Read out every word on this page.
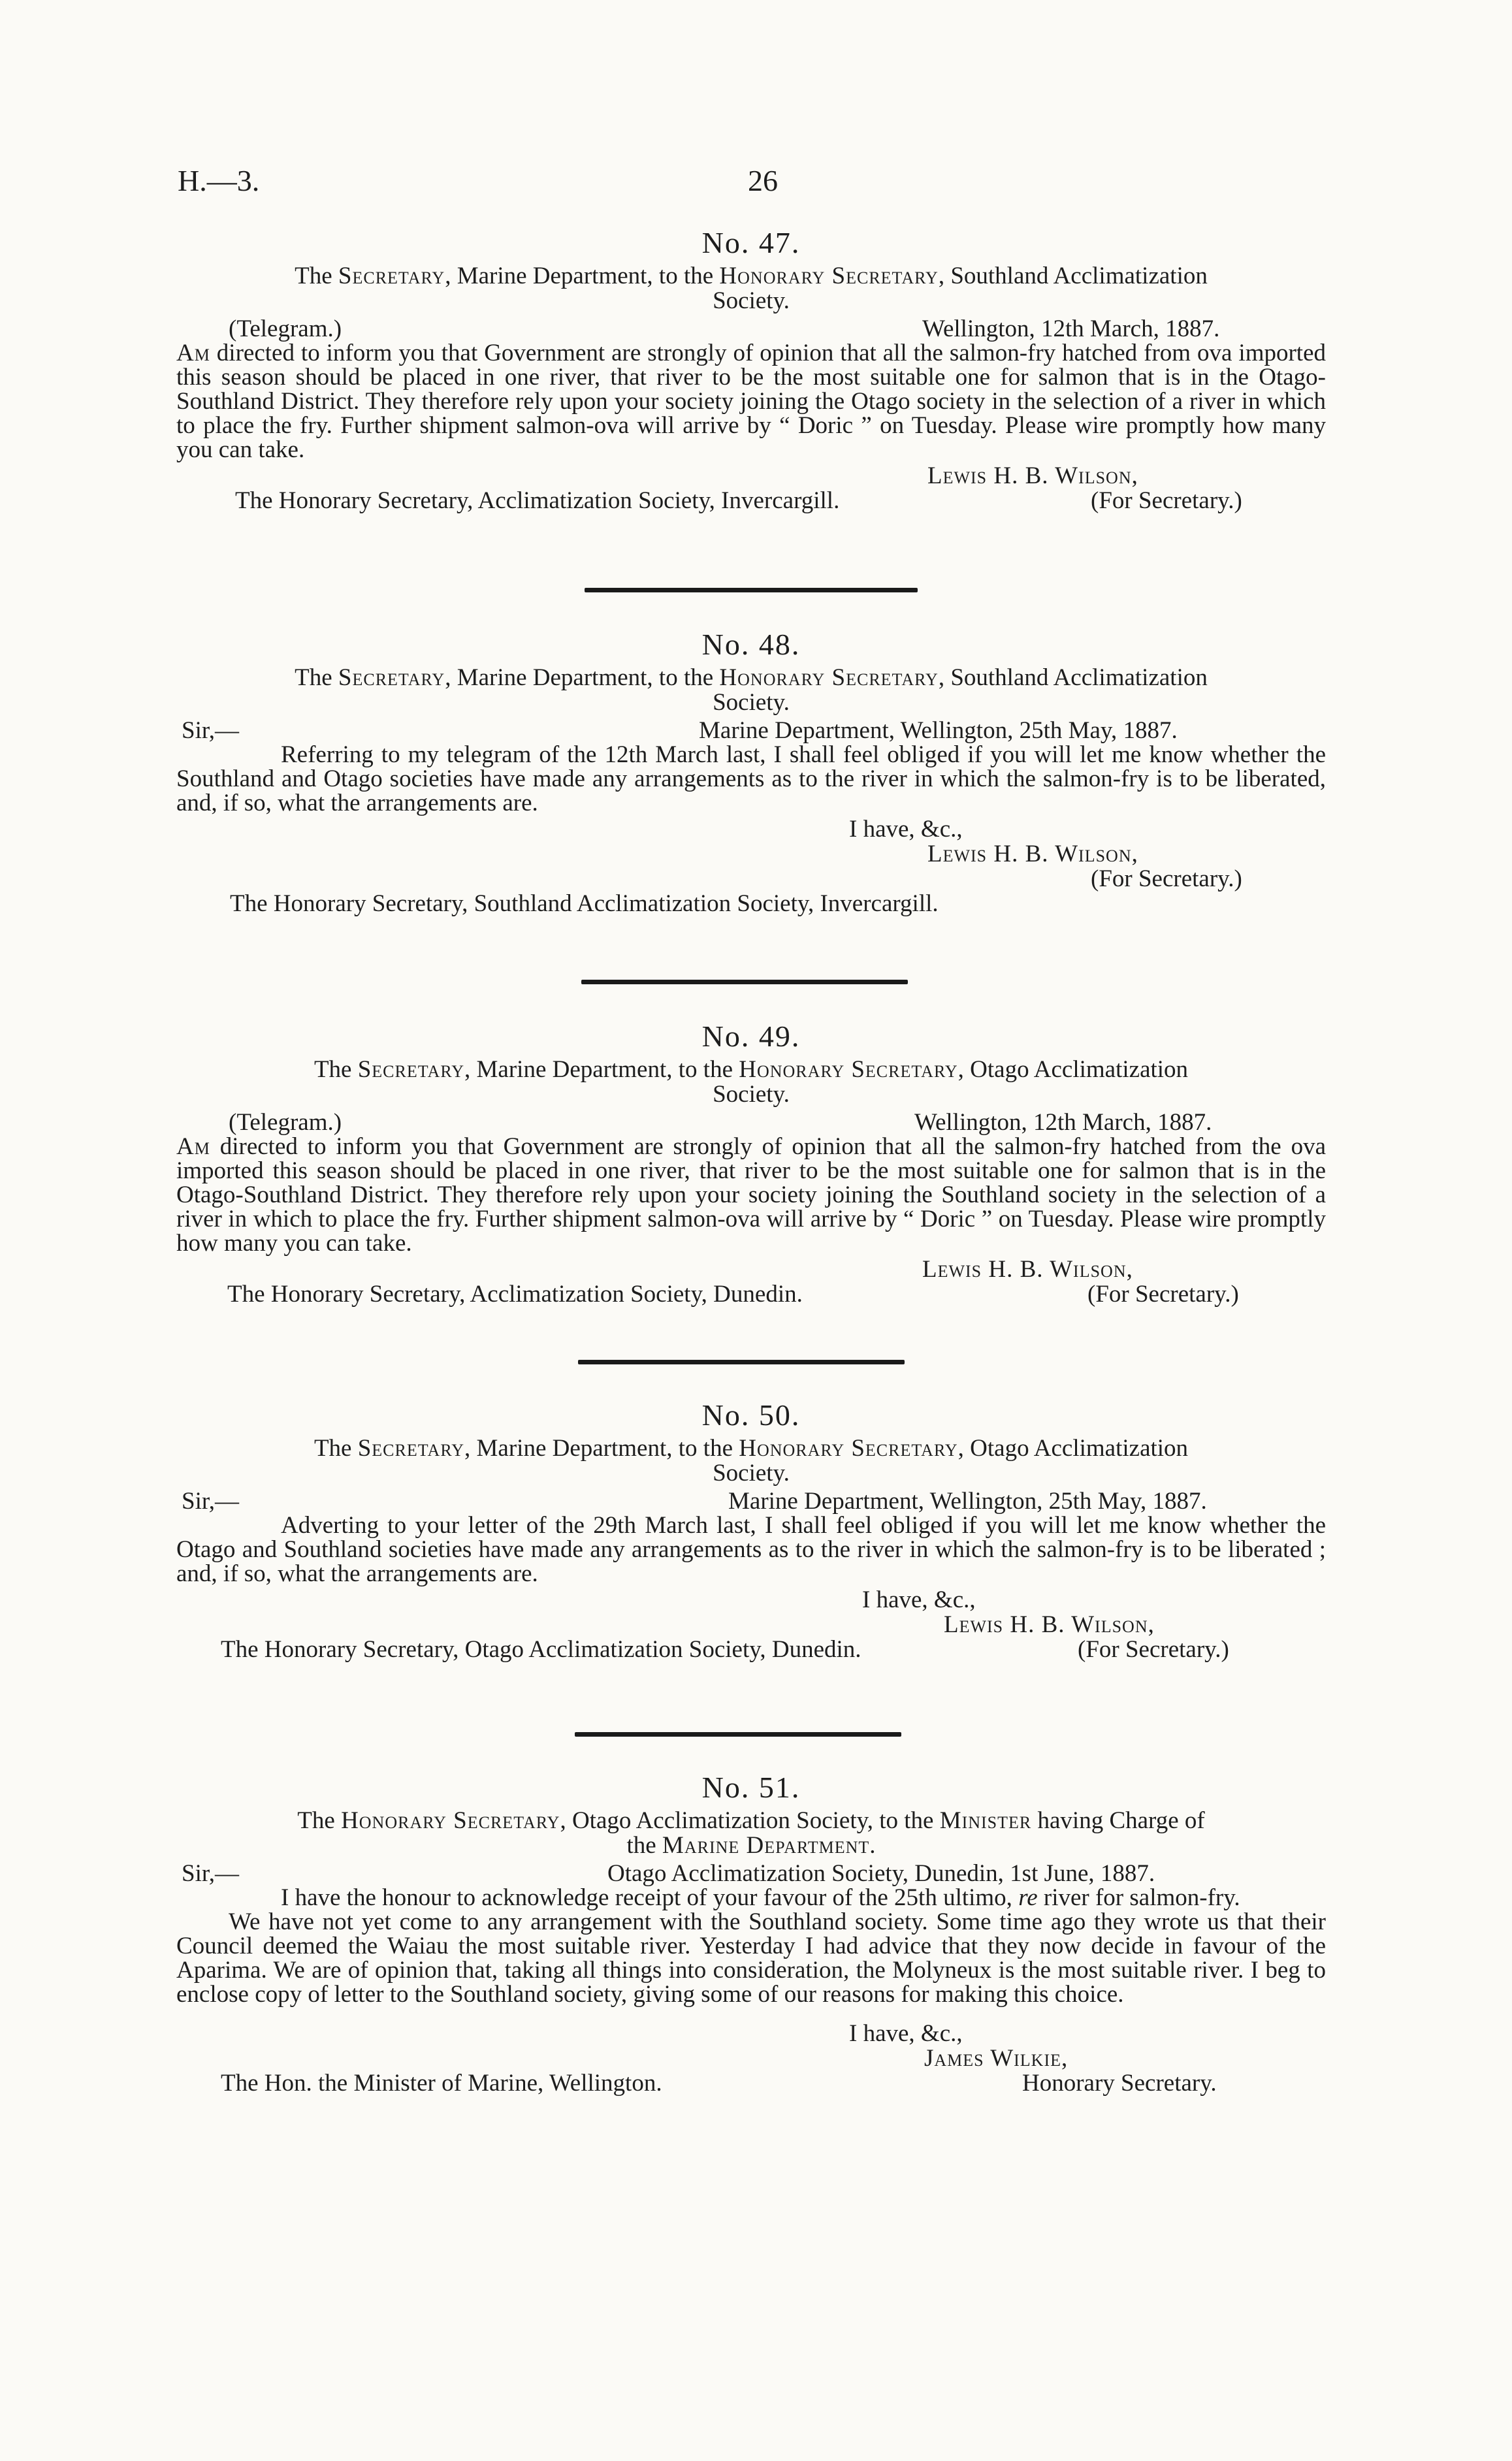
H.—3.	26
No. 47.
The Secretary, Marine Department, to the Honorary Secretary, Southland Acclimatization
Society.
(Telegram.)	Wellington, 12th March, 1887.

Am directed to inform you that Government are strongly of opinion that all the salmon-fry hatched from ova imported this season should be placed in one river, that river to be the most suitable one for salmon that is in the Otago-Southland District. They therefore rely upon your society joining the Otago society in the selection of a river in which to place the fry. Further shipment salmon-ova will arrive by “ Doric ” on Tuesday. Please wire promptly how many you can take.

Lewis H. B. Wilson,
The Honorary Secretary, Acclimatization Society, Invercargill.	(For Secretary.)
No. 48.
The Secretary, Marine Department, to the Honorary Secretary, Southland Acclimatization
Society.
Sir,—	Marine Department, Wellington, 25th May, 1887.

Referring to my telegram of the 12th March last, I shall feel obliged if you will let me know whether the Southland and Otago societies have made any arrangements as to the river in which the salmon-fry is to be liberated, and, if so, what the arrangements are.

I have, &c.,
Lewis H. B. Wilson,
(For Secretary.)
The Honorary Secretary, Southland Acclimatization Society, Invercargill.
No. 49.
The Secretary, Marine Department, to the Honorary Secretary, Otago Acclimatization
Society.
(Telegram.)	Wellington, 12th March, 1887.

Am directed to inform you that Government are strongly of opinion that all the salmon-fry hatched from the ova imported this season should be placed in one river, that river to be the most suitable one for salmon that is in the Otago-Southland District. They therefore rely upon your society joining the Southland society in the selection of a river in which to place the fry. Further shipment salmon-ova will arrive by “ Doric ” on Tuesday. Please wire promptly how many you can take.

Lewis H. B. Wilson,
The Honorary Secretary, Acclimatization Society, Dunedin.	(For Secretary.)
No. 50.
The Secretary, Marine Department, to the Honorary Secretary, Otago Acclimatization
Society.
Sir,—	Marine Department, Wellington, 25th May, 1887.

Adverting to your letter of the 29th March last, I shall feel obliged if you will let me know whether the Otago and Southland societies have made any arrangements as to the river in which the salmon-fry is to be liberated ; and, if so, what the arrangements are.

I have, &c.,
Lewis H. B. Wilson,
The Honorary Secretary, Otago Acclimatization Society, Dunedin.	(For Secretary.)
No. 51.
The Honorary Secretary, Otago Acclimatization Society, to the Minister having Charge of
the Marine Department.
Sir,—	Otago Acclimatization Society, Dunedin, 1st June, 1887.

I have the honour to acknowledge receipt of your favour of the 25th ultimo, re river for salmon-fry.

We have not yet come to any arrangement with the Southland society. Some time ago they wrote us that their Council deemed the Waiau the most suitable river. Yesterday I had advice that they now decide in favour of the Aparima. We are of opinion that, taking all things into consideration, the Molyneux is the most suitable river. I beg to enclose copy of letter to the Southland society, giving some of our reasons for making this choice.

I have, &c.,
James Wilkie,
The Hon. the Minister of Marine, Wellington.	Honorary Secretary.
